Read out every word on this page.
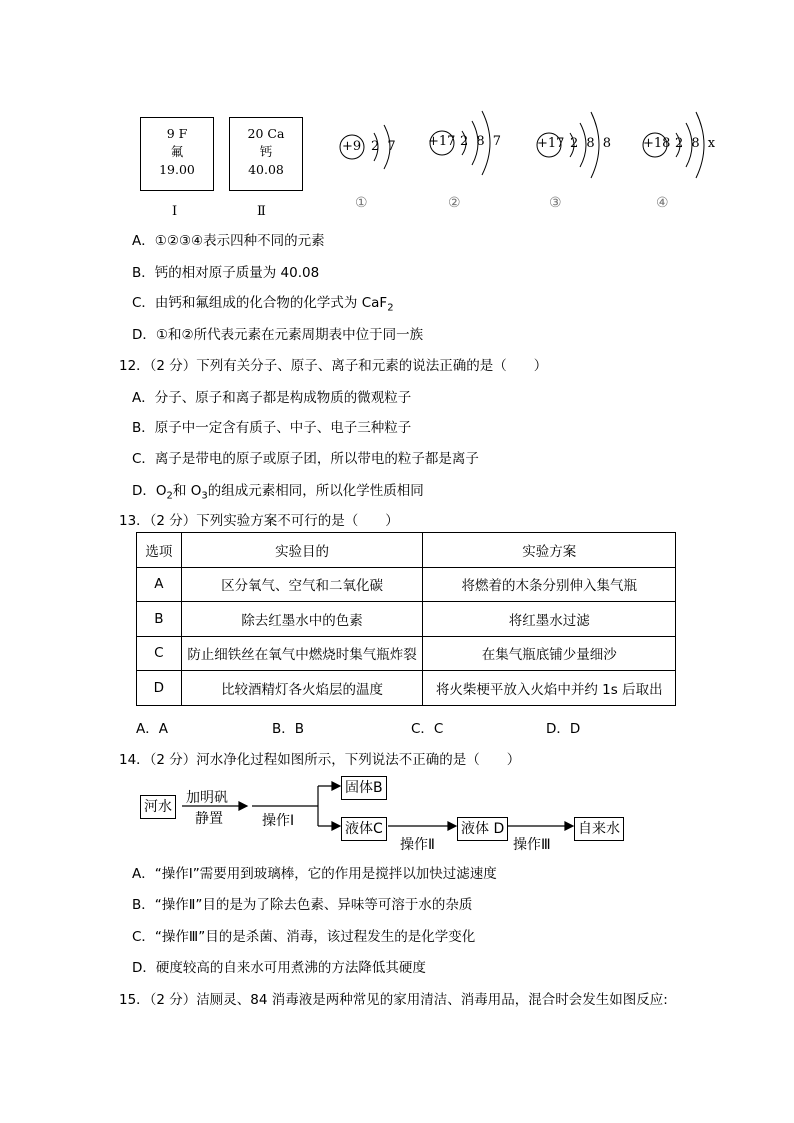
9 F
氟
19.00
Ⅰ
20 Ca
钙
40.08
Ⅱ
+9 2 7
①
+17 2 8 7
②
+17 2 8 8
③
+18 2 8 x
④
A．①②③④表示四种不同的元素
B．钙的相对原子质量为 40.08
C．由钙和氟组成的化合物的化学式为 CaF$_2$
D．①和②所代表元素在元素周期表中位于同一族
12．（2 分）下列有关分子、原子、离子和元素的说法正确的是（　　）
A．分子、原子和离子都是构成物质的微观粒子
B．原子中一定含有质子、中子、电子三种粒子
C．离子是带电的原子或原子团，所以带电的粒子都是离子
D．$O_2$和 $O_3$的组成元素相同，所以化学性质相同
13．（2 分）下列实验方案不可行的是（　　）
选项	实验目的	实验方案
A	区分氧气、空气和二氧化碳	将燃着的木条分别伸入集气瓶
B	除去红墨水中的色素	将红墨水过滤
C	防止细铁丝在氧气中燃烧时集气瓶炸裂	在集气瓶底铺少量细沙
D	比较酒精灯各火焰层的温度	将火柴梗平放入火焰中并约 1s 后取出
A．A	B．B	C．C	D．D
14．（2 分）河水净化过程如图所示，下列说法不正确的是（　　）
河水
加明矾
静置	操作Ⅰ
固体B
液体C
操作Ⅱ
液体 D
操作Ⅲ
自来水
A．“操作Ⅰ”需要用到玻璃棒，它的作用是搅拌以加快过滤速度
B．“操作Ⅱ”目的是为了除去色素、异味等可溶于水的杂质
C．“操作Ⅲ”目的是杀菌、消毒，该过程发生的是化学变化
D．硬度较高的自来水可用煮沸的方法降低其硬度
15．（2 分）洁厕灵、84 消毒液是两种常见的家用清洁、消毒用品，混合时会发生如图反应:
